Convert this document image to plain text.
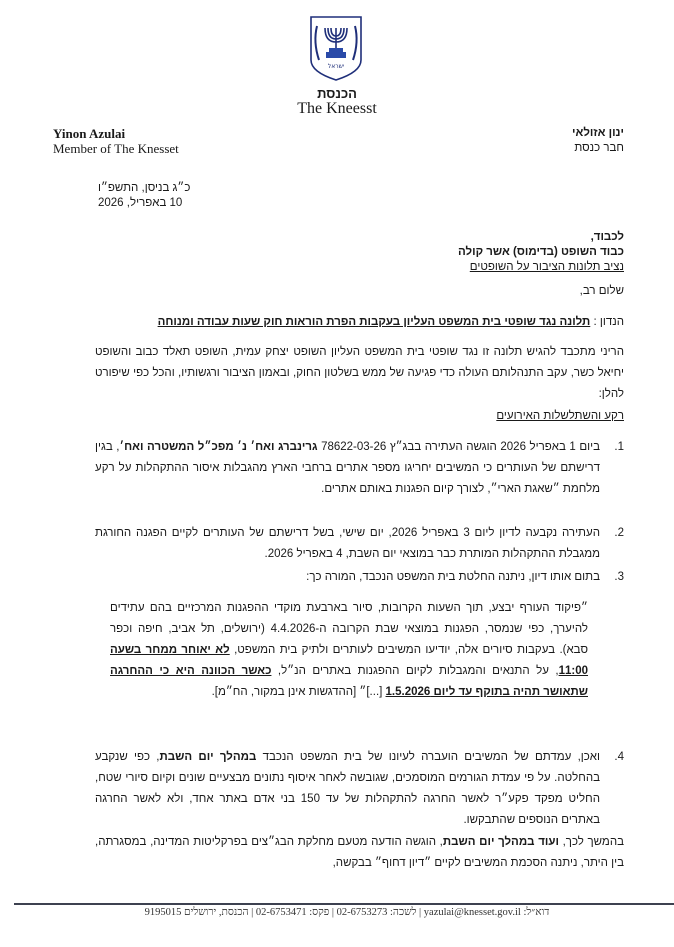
ישראל
הכנסת
The Kneesst
Yinon Azulai
Member of The Knesset
ינון אזולאי
חבר כנסת
כ״ג בניסן, התשפ״ו
10 באפריל, 2026
לכבוד,
כבוד השופט (בדימוס) אשר קולה
נציב תלונות הציבור על השופטים
שלום רב,
הנדון : תלונה נגד שופטי בית המשפט העליון בעקבות הפרת הוראות חוק שעות עבודה ומנוחה
הריני מתכבד להגיש תלונה זו נגד שופטי בית המשפט העליון השופט יצחק עמית, השופט תאלד כבוב והשופט יחיאל כשר, עקב התנהלותם העולה כדי פגיעה של ממש בשלטון החוק, ובאמון הציבור ורגשותיו, והכל כפי שיפורט להלן:
רקע והשתלשלות האירועים
1.
ביום 1 באפריל 2026 הוגשה העתירה בבג״ץ 78622-03-26 גרינברג ואח׳ נ׳ מפכ״ל המשטרה ואח׳, בגין דרישתם של העותרים כי המשיבים יחריגו מספר אתרים ברחבי הארץ מהגבלות איסור ההתקהלות על רקע מלחמת ״שאגת הארי״, לצורך קיום הפגנות באותם אתרים.
2.
העתירה נקבעה לדיון ליום 3 באפריל 2026, יום שישי, בשל דרישתם של העותרים לקיים הפגנה החורגת ממגבלת ההתקהלות המותרת כבר במוצאי יום השבת, 4 באפריל 2026.
3.
בתום אותו דיון, ניתנה החלטת בית המשפט הנכבד, המורה כך:
״פיקוד העורף יבצע, תוך השעות הקרובות, סיור בארבעת מוקדי ההפגנות המרכזיים בהם עתידים להיערך, כפי שנמסר, הפגנות במוצאי שבת הקרובה ה-4.4.2026 (ירושלים, תל אביב, חיפה וכפר סבא). בעקבות סיורים אלה, יודיעו המשיבים לעותרים ולתיק בית המשפט, לא יאוחר ממחר בשעה 11:00, על התנאים והמגבלות לקיום ההפגנות באתרים הנ״ל, כאשר הכוונה היא כי ההחרגה שתאושר תהיה בתוקף עד ליום 1.5.2026 [...]״ [ההדגשות אינן במקור, הח״מ].
4.
ואכן, עמדתם של המשיבים הועברה לעיונו של בית המשפט הנכבד במהלך יום השבת, כפי שנקבע בהחלטה. על פי עמדת הגורמים המוסמכים, שגובשה לאחר איסוף נתונים מבצעיים שונים וקיום סיורי שטח, החליט מפקד פקע״ר לאשר החרגה להתקהלות של עד 150 בני אדם באתר אחד, ולא לאשר החרגה באתרים הנוספים שהתבקשו.
בהמשך לכך, ועוד במהלך יום השבת, הוגשה הודעה מטעם מחלקת הבג״צים בפרקליטות המדינה, במסגרתה, בין היתר, ניתנה הסכמת המשיבים לקיים ״דיון דחוף״ בבקשה,
דוא״ל: yazulai@knesset.gov.il | לשכה: 02-6753273 | פקס: 02-6753471 | הכנסת, ירושלים 9195015
